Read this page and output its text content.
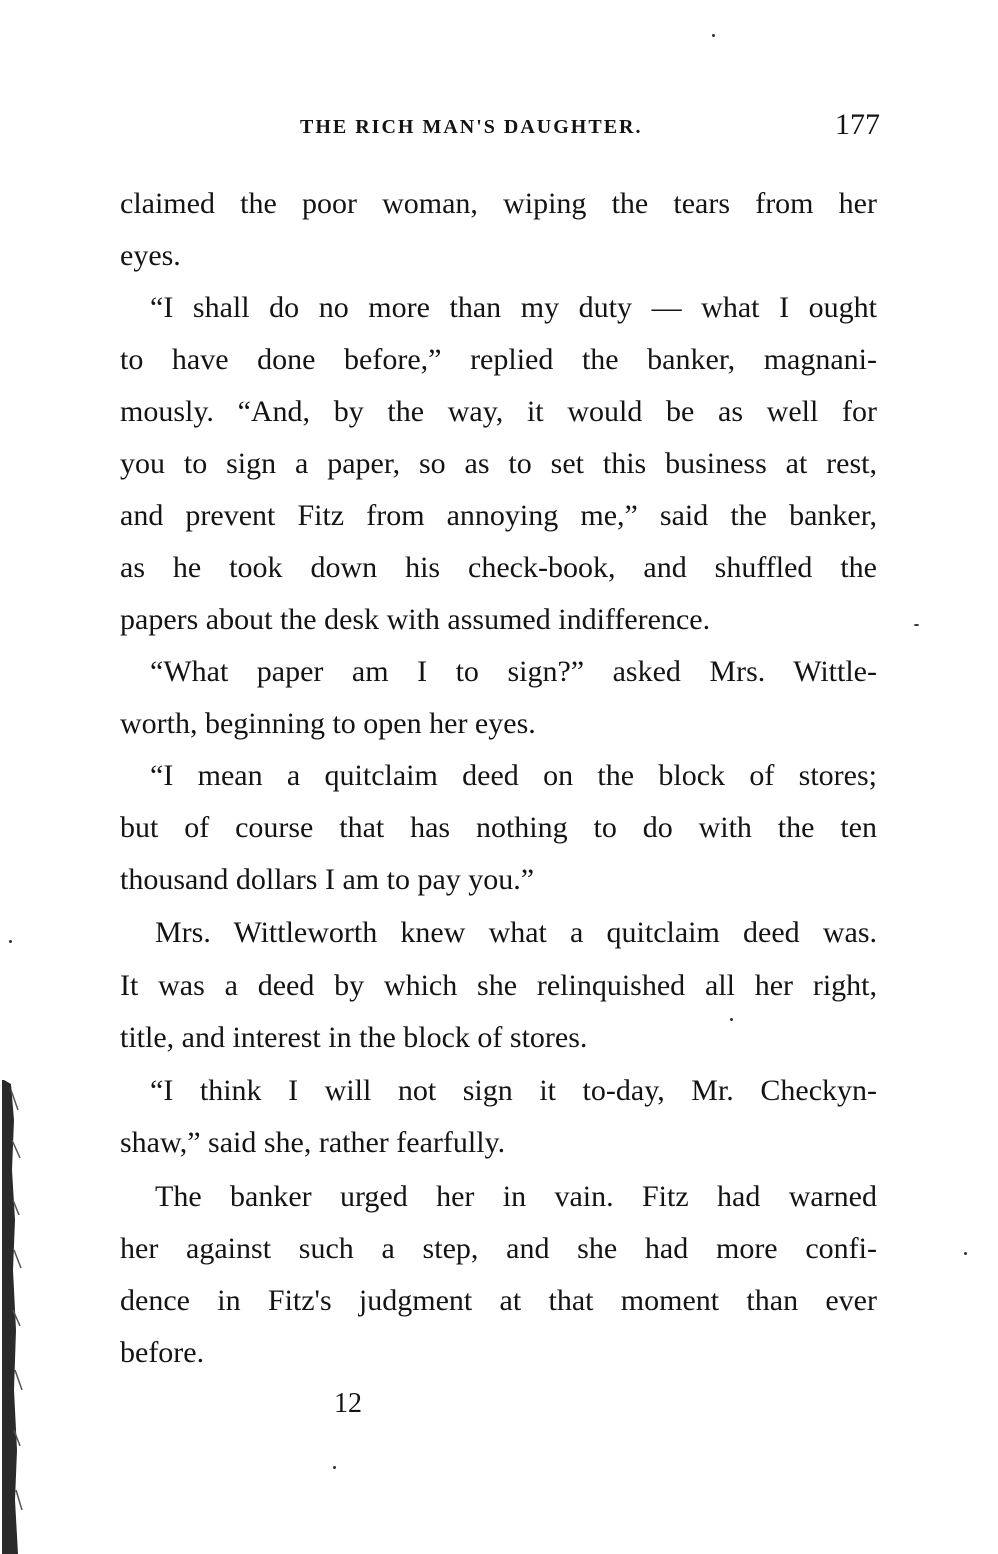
THE RICH MAN'S DAUGHTER.	177
claimed the poor woman, wiping the tears from her
eyes.
“I shall do no more than my duty — what I ought
to have done before,” replied the banker, magnani-
mously. “And, by the way, it would be as well for
you to sign a paper, so as to set this business at rest,
and prevent Fitz from annoying me,” said the banker,
as he took down his check-book, and shuffled the
papers about the desk with assumed indifference.
“What paper am I to sign?” asked Mrs. Wittle-
worth, beginning to open her eyes.
“I mean a quitclaim deed on the block of stores;
but of course that has nothing to do with the ten
thousand dollars I am to pay you.”
Mrs. Wittleworth knew what a quitclaim deed was.
It was a deed by which she relinquished all her right,
title, and interest in the block of stores.
“I think I will not sign it to-day, Mr. Checkyn-
shaw,” said she, rather fearfully.
The banker urged her in vain. Fitz had warned
her against such a step, and she had more confi-
dence in Fitz's judgment at that moment than ever
before.
12
